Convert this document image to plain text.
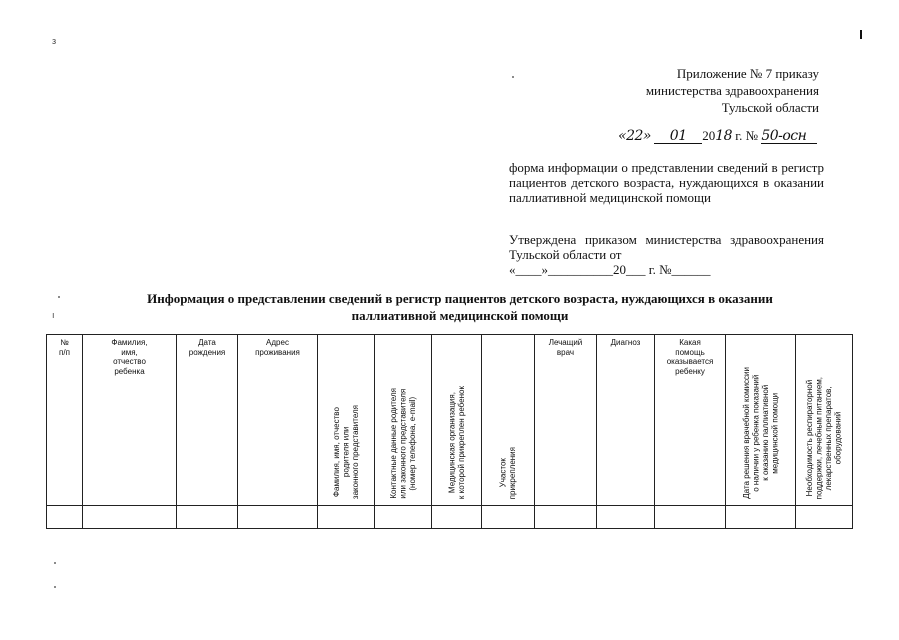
з
ı
Приложение № 7 приказу
министерства здравоохранения
Тульской области
«22» 01 2018 г. № 50-осн
форма информации о представлении сведений в регистр пациентов детского возраста, нуждающихся в оказании паллиативной медицинской помощи
Утверждена приказом министерства здравоохранения Тульской области от
«____»__________20___ г. №______
Информация о представлении сведений в регистр пациентов детского возраста, нуждающихся в оказании
паллиативной медицинской помощи
№
п/п	Фамилия,
имя,
отчество
ребенка	Дата
рождения	Адрес
проживания	Фамилия, имя, отчество
родителя или
законного представителя	Контактные данные родителя
или законного представителя
(номер телефона, e-mail)	Медицинская организация,
к которой прикреплен ребенок	Участок
прикрепления	Лечащий
врач	Диагноз	Какая
помощь
оказывается
ребенку	Дата решения врачебной комиссии
о наличии у ребенка показаний
к оказанию паллиативной
медицинской помощи	Необходимость респираторной
поддержки, лечебным питанием,
лекарственных препаратов,
оборудований
